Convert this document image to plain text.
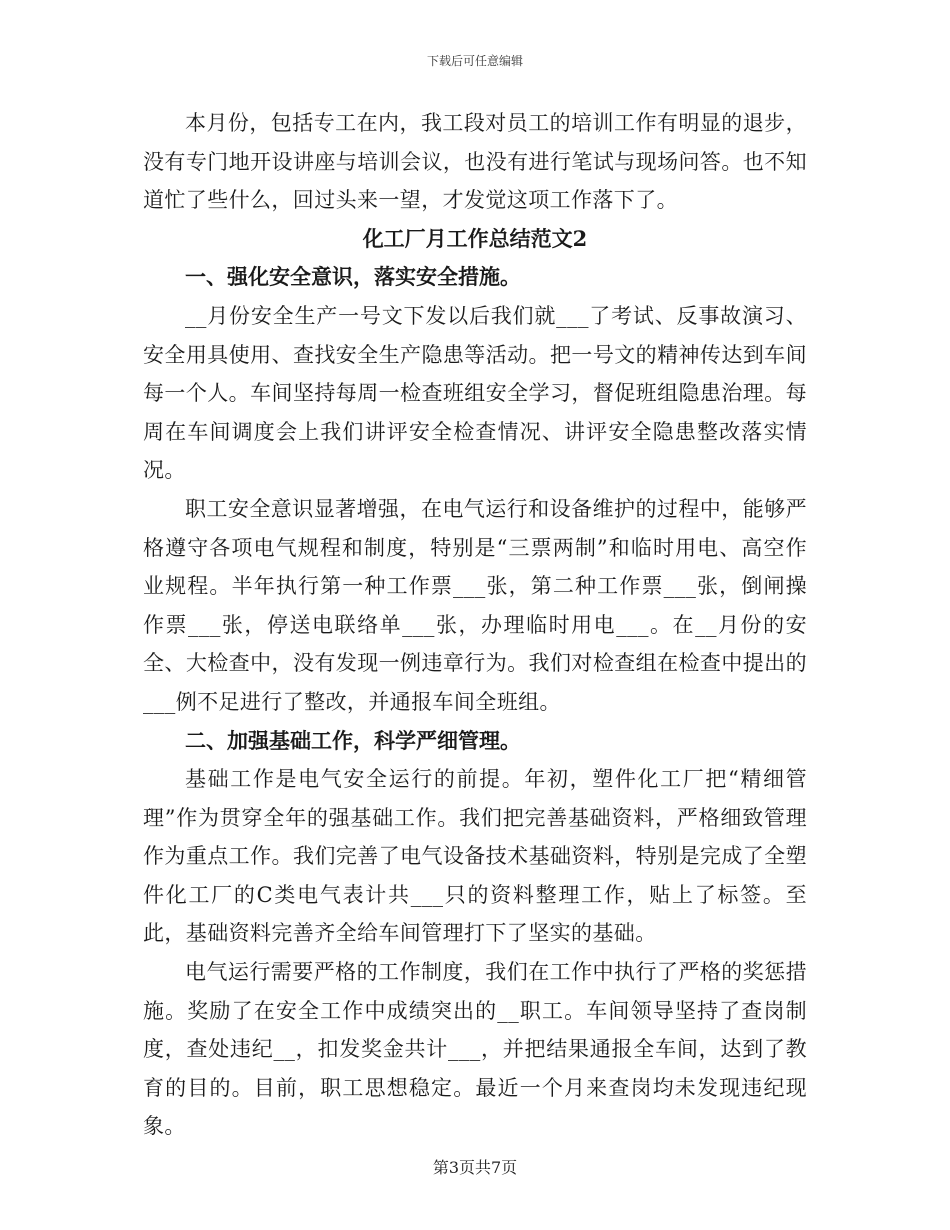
下载后可任意编辑

本月份，包括专工在内，我工段对员工的培训工作有明显的退步，没有专门地开设讲座与培训会议，也没有进行笔试与现场问答。也不知道忙了些什么，回过头来一望，才发觉这项工作落下了。

化工厂月工作总结范文2

一、强化安全意识，落实安全措施。

__月份安全生产一号文下发以后我们就___了考试、反事故演习、安全用具使用、查找安全生产隐患等活动。把一号文的精神传达到车间每一个人。车间坚持每周一检查班组安全学习，督促班组隐患治理。每周在车间调度会上我们讲评安全检查情况、讲评安全隐患整改落实情况。

职工安全意识显著增强，在电气运行和设备维护的过程中，能够严格遵守各项电气规程和制度，特别是“三票两制”和临时用电、高空作业规程。半年执行第一种工作票___张，第二种工作票___张，倒闸操作票___张，停送电联络单___张，办理临时用电___。在__月份的安全、大检查中，没有发现一例违章行为。我们对检查组在检查中提出的___例不足进行了整改，并通报车间全班组。

二、加强基础工作，科学严细管理。

基础工作是电气安全运行的前提。年初，塑件化工厂把“精细管理”作为贯穿全年的强基础工作。我们把完善基础资料，严格细致管理作为重点工作。我们完善了电气设备技术基础资料，特别是完成了全塑件化工厂的C类电气表计共___只的资料整理工作，贴上了标签。至此，基础资料完善齐全给车间管理打下了坚实的基础。

电气运行需要严格的工作制度，我们在工作中执行了严格的奖惩措施。奖励了在安全工作中成绩突出的__职工。车间领导坚持了查岗制度，查处违纪__，扣发奖金共计___，并把结果通报全车间，达到了教育的目的。目前，职工思想稳定。最近一个月来查岗均未发现违纪现象。

第3页共7页
